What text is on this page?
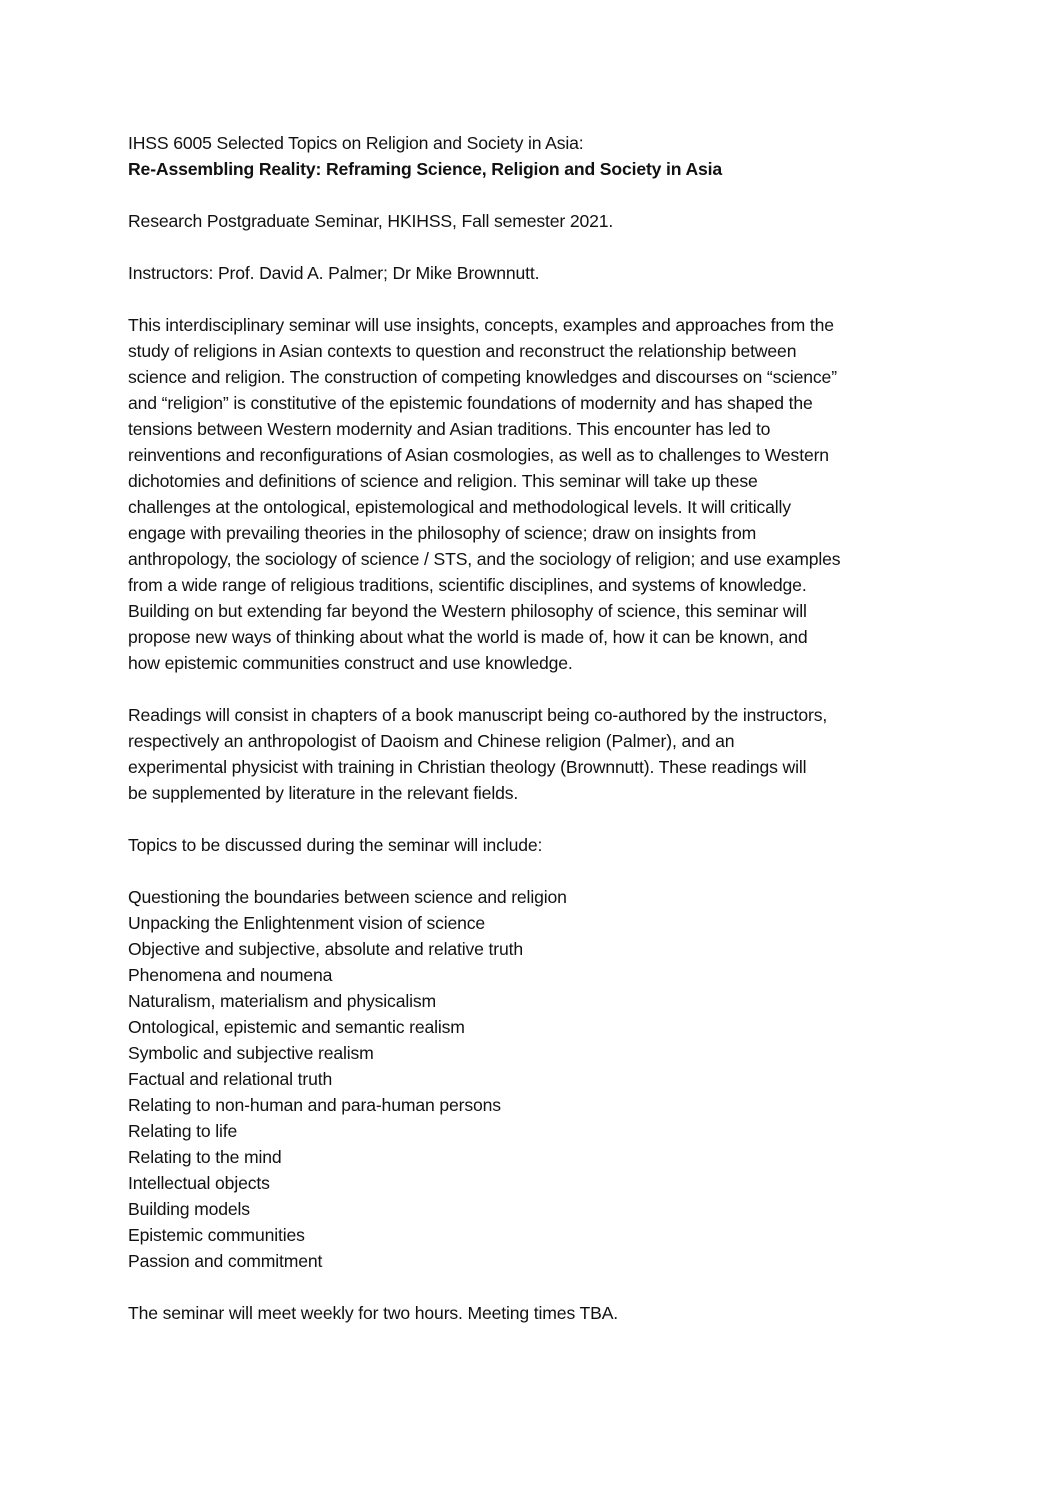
IHSS 6005 Selected Topics on Religion and Society in Asia:
Re-Assembling Reality: Reframing Science, Religion and Society in Asia
Research Postgraduate Seminar, HKIHSS, Fall semester 2021.
Instructors: Prof. David A. Palmer; Dr Mike Brownnutt.
This interdisciplinary seminar will use insights, concepts, examples and approaches from the
study of religions in Asian contexts to question and reconstruct the relationship between
science and religion. The construction of competing knowledges and discourses on “science”
and “religion” is constitutive of the epistemic foundations of modernity and has shaped the
tensions between Western modernity and Asian traditions. This encounter has led to
reinventions and reconfigurations of Asian cosmologies, as well as to challenges to Western
dichotomies and definitions of science and religion. This seminar will take up these
challenges at the ontological, epistemological and methodological levels. It will critically
engage with prevailing theories in the philosophy of science; draw on insights from
anthropology, the sociology of science / STS, and the sociology of religion; and use examples
from a wide range of religious traditions, scientific disciplines, and systems of knowledge.
Building on but extending far beyond the Western philosophy of science, this seminar will
propose new ways of thinking about what the world is made of, how it can be known, and
how epistemic communities construct and use knowledge.
Readings will consist in chapters of a book manuscript being co-authored by the instructors,
respectively an anthropologist of Daoism and Chinese religion (Palmer), and an
experimental physicist with training in Christian theology (Brownnutt). These readings will
be supplemented by literature in the relevant fields.
Topics to be discussed during the seminar will include:
Questioning the boundaries between science and religion
Unpacking the Enlightenment vision of science
Objective and subjective, absolute and relative truth
Phenomena and noumena
Naturalism, materialism and physicalism
Ontological, epistemic and semantic realism
Symbolic and subjective realism
Factual and relational truth
Relating to non-human and para-human persons
Relating to life
Relating to the mind
Intellectual objects
Building models
Epistemic communities
Passion and commitment
The seminar will meet weekly for two hours. Meeting times TBA.
